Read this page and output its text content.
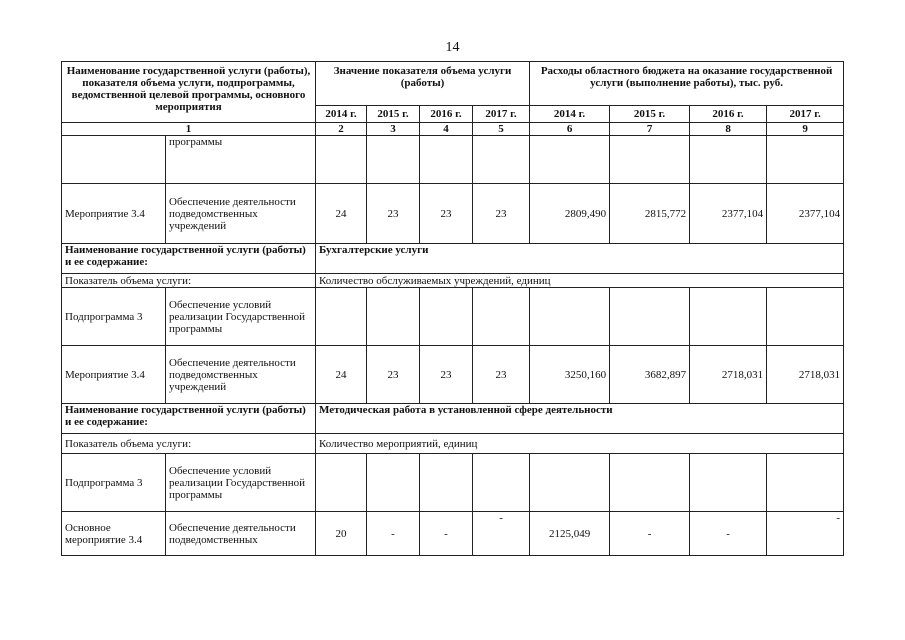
14
Наименование государственной услуги (работы), показателя объема услуги, подпрограммы, ведомственной целевой программы, основного мероприятия		Значение показателя объема услуги (работы)				Расходы областного бюджета на оказание государственной услуги (выполнение работы), тыс. руб.			
		2014 г.	2015 г.	2016 г.	2017 г.	2014 г.	2015 г.	2016 г.	2017 г.
1		2	3	4	5	6	7	8	9
	программы								
Мероприятие 3.4	Обеспечение деятельности подведомственных учреждений	24	23	23	23	2809,490	2815,772	2377,104	2377,104
Наименование государственной услуги (работы) и ее содержание:		Бухгалтерские услуги							
Показатель объема услуги:		Количество обслуживаемых учреждений, единиц							
Подпрограмма 3	Обеспечение условий реализации Государственной программы								
Мероприятие 3.4	Обеспечение деятельности подведомственных учреждений	24	23	23	23	3250,160	3682,897	2718,031	2718,031
Наименование государственной услуги (работы) и ее содержание:		Методическая работа в установленной сфере деятельности							
Показатель объема услуги:		Количество мероприятий, единиц							
Подпрограмма 3	Обеспечение условий реализации Государственной программы								
Основное мероприятие 3.4	Обеспечение деятельности подведомственных	20	-	-	-	2125,049	-	-	-
